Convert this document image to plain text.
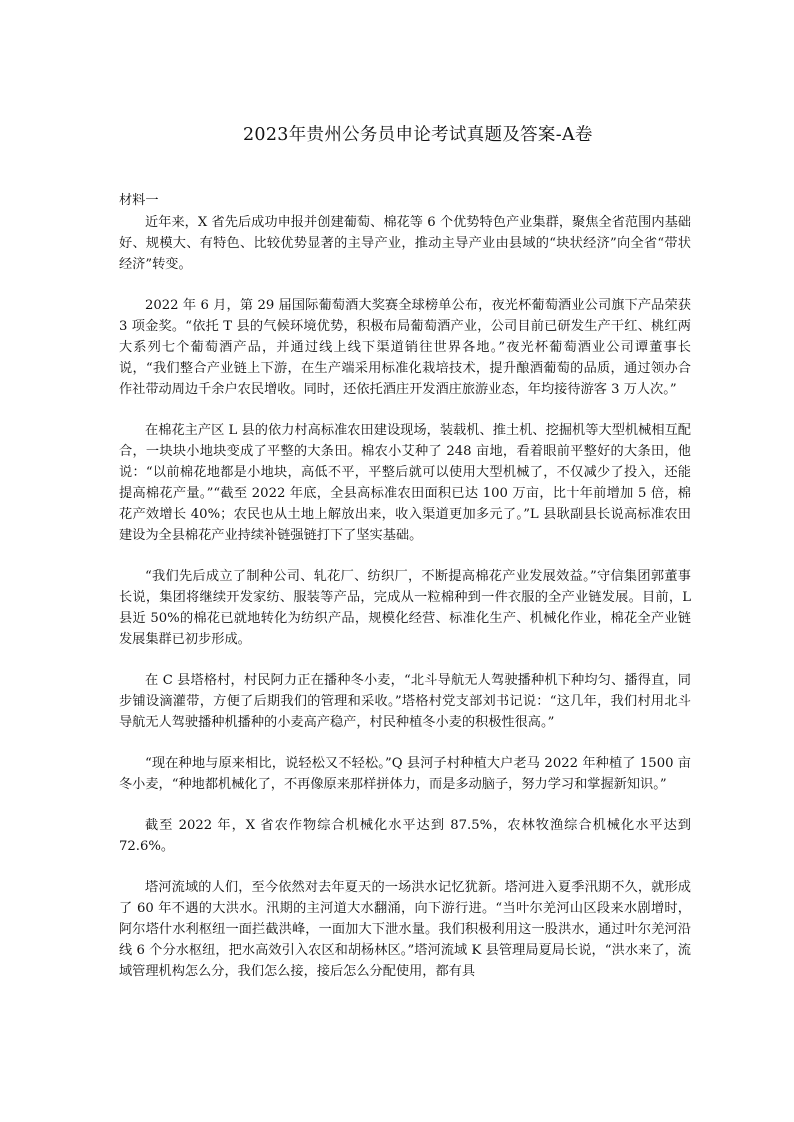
2023年贵州公务员申论考试真题及答案-A卷
材料一

近年来，X 省先后成功申报并创建葡萄、棉花等 6 个优势特色产业集群，聚焦全省范围内基础好、规模大、有特色、比较优势显著的主导产业，推动主导产业由县域的“块状经济”向全省“带状经济”转变。

2022 年 6 月，第 29 届国际葡萄酒大奖赛全球榜单公布，夜光杯葡萄酒业公司旗下产品荣获 3 项金奖。“依托 T 县的气候环境优势，积极布局葡萄酒产业，公司目前已研发生产干红、桃红两大系列七个葡萄酒产品，并通过线上线下渠道销往世界各地。”夜光杯葡萄酒业公司谭董事长说，“我们整合产业链上下游，在生产端采用标准化栽培技术，提升酿酒葡萄的品质，通过领办合作社带动周边千余户农民增收。同时，还依托酒庄开发酒庄旅游业态，年均接待游客 3 万人次。”

在棉花主产区 L 县的依力村高标准农田建设现场，装载机、推土机、挖掘机等大型机械相互配合，一块块小地块变成了平整的大条田。棉农小艾种了 248 亩地，看着眼前平整好的大条田，他说：“以前棉花地都是小地块，高低不平，平整后就可以使用大型机械了，不仅减少了投入，还能提高棉花产量。”“截至 2022 年底，全县高标准农田面积已达 100 万亩，比十年前增加 5 倍，棉花产效增长 40%；农民也从土地上解放出来，收入渠道更加多元了。”L 县耿副县长说高标准农田建设为全县棉花产业持续补链强链打下了坚实基础。

“我们先后成立了制种公司、轧花厂、纺织厂，不断提高棉花产业发展效益。”守信集团郭董事长说，集团将继续开发家纺、服装等产品，完成从一粒棉种到一件衣服的全产业链发展。目前，L 县近 50%的棉花已就地转化为纺织产品，规模化经营、标准化生产、机械化作业，棉花全产业链发展集群已初步形成。

在 C 县塔格村，村民阿力正在播种冬小麦，“北斗导航无人驾驶播种机下种均匀、播得直，同步铺设滴灌带，方便了后期我们的管理和采收。”塔格村党支部刘书记说：“这几年，我们村用北斗导航无人驾驶播种机播种的小麦高产稳产，村民种植冬小麦的积极性很高。”

“现在种地与原来相比，说轻松又不轻松。”Q 县河子村种植大户老马 2022 年种植了 1500 亩冬小麦，“种地都机械化了，不再像原来那样拼体力，而是多动脑子，努力学习和掌握新知识。”

截至 2022 年，X 省农作物综合机械化水平达到 87.5%，农林牧渔综合机械化水平达到 72.6%。

塔河流域的人们，至今依然对去年夏天的一场洪水记忆犹新。塔河进入夏季汛期不久，就形成了 60 年不遇的大洪水。汛期的主河道大水翻涌，向下游行进。“当叶尔羌河山区段来水剧增时，阿尔塔什水利枢纽一面拦截洪峰，一面加大下泄水量。我们积极利用这一股洪水，通过叶尔羌河沿线 6 个分水枢纽，把水高效引入农区和胡杨林区。”塔河流域 K 县管理局夏局长说，“洪水来了，流域管理机构怎么分，我们怎么接，接后怎么分配使用，都有具
